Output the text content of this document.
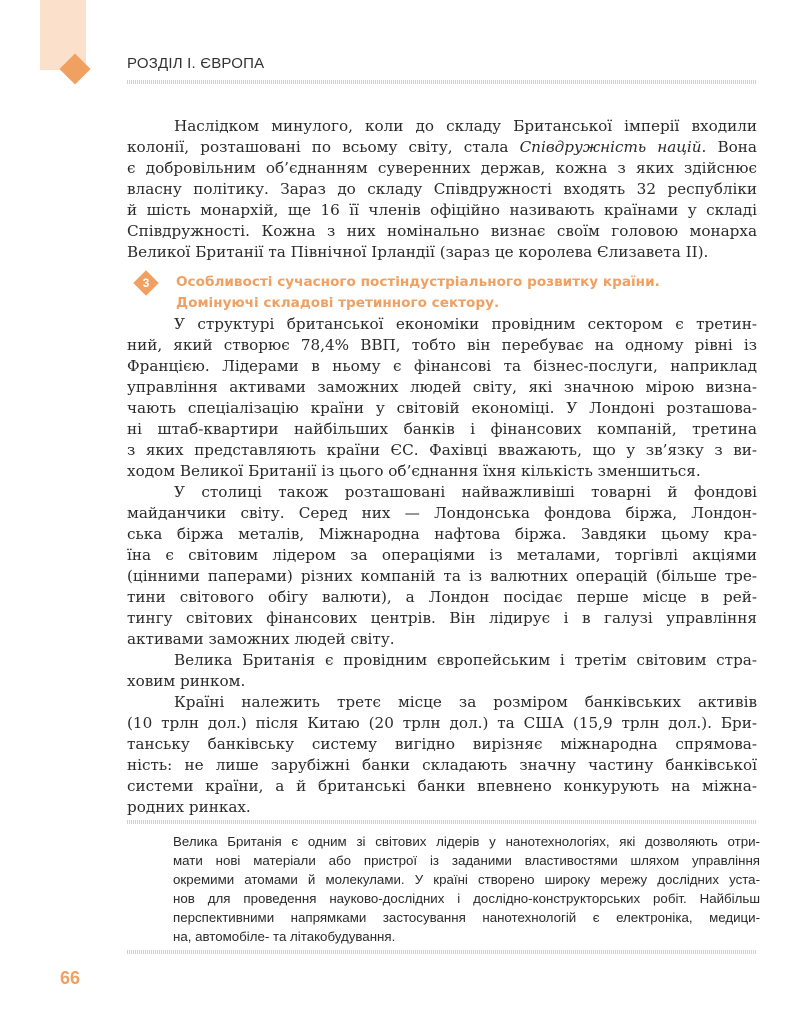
РОЗДІЛ І. ЄВРОПА
Наслідком минулого, коли до складу Британської імперії входили
колонії, розташовані по всьому світу, стала Співдружність націй. Вона
є добровільним об’єднанням суверенних держав, кожна з яких здійснює
власну політику. Зараз до складу Співдружності входять 32 республіки
й шість монархій, ще 16 її членів офіційно називають країнами у складі
Співдружності. Кожна з них номінально визнає своїм головою монарха
Великої Британії та Північної Ірландії (зараз це королева Єлизавета ІІ).
3	Особливості сучасного постіндустріального розвитку країни.
Домінуючі складові третинного сектору.
У структурі британської економіки провідним сектором є третин-
ний, який створює 78,4% ВВП, тобто він перебуває на одному рівні із
Францією. Лідерами в ньому є фінансові та бізнес-послуги, наприклад
управління активами заможних людей світу, які значною мірою визна-
чають спеціалізацію країни у світовій економіці. У Лондоні розташова-
ні штаб-квартири найбільших банків і фінансових компаній, третина
з яких представляють країни ЄС. Фахівці вважають, що у зв’язку з ви-
ходом Великої Британії із цього об’єднання їхня кількість зменшиться.
У столиці також розташовані найважливіші товарні й фондові
майданчики світу. Серед них — Лондонська фондова біржа, Лондон-
ська біржа металів, Міжнародна нафтова біржа. Завдяки цьому кра-
їна є світовим лідером за операціями із металами, торгівлі акціями
(цінними паперами) різних компаній та із валютних операцій (більше тре-
тини світового обігу валюти), а Лондон посідає перше місце в рей-
тингу світових фінансових центрів. Він лідирує і в галузі управління
активами заможних людей світу.
Велика Британія є провідним європейським і третім світовим стра-
ховим ринком.
Країні належить третє місце за розміром банківських активів
(10 трлн дол.) після Китаю (20 трлн дол.) та США (15,9 трлн дол.). Бри-
танську банківську систему вигідно вирізняє міжнародна спрямова-
ність: не лише зарубіжні банки складають значну частину банківської
системи країни, а й британські банки впевнено конкурують на міжна-
родних ринках.
Велика Британія є одним зі світових лідерів у нанотехнологіях, які дозволяють отри-
мати нові матеріали або пристрої із заданими властивостями шляхом управління
окремими атомами й молекулами. У країні створено широку мережу дослідних уста-
нов для проведення науково-дослідних і дослідно-конструкторських робіт. Найбільш
перспективними напрямками застосування нанотехнологій є електроніка, медици-
на, автомобіле- та літакобудування.
66
